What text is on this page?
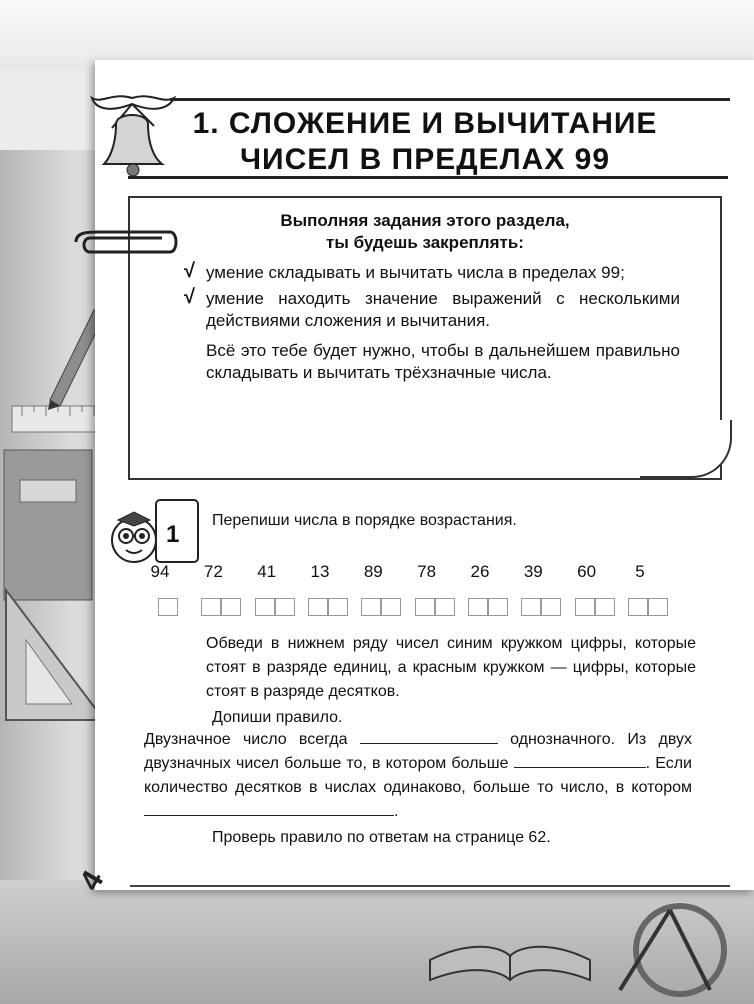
1. СЛОЖЕНИЕ И ВЫЧИТАНИЕ
ЧИСЕЛ В ПРЕДЕЛАХ 99
Выполняя задания этого раздела,
ты будешь закреплять:
√ умение складывать и вычитать числа в пределах 99;
√ умение находить значение выражений с несколькими действиями сложения и вычитания.
Всё это тебе будет нужно, чтобы в дальнейшем правильно складывать и вычитать трёхзначные числа.
1

Перепиши числа в порядке возрастания.

94	72	41	13	89	78	26	39	60	5

Обведи в нижнем ряду чисел синим кружком цифры, которые стоят в разряде единиц, а красным кружком — цифры, которые стоят в разряде десятков.

Допиши правило.

Двузначное число всегда	однозначного. Из двух двузначных чисел больше то, в котором больше	. Если количество десятков в числах одинаково, больше то число, в котором .

Проверь правило по ответам на странице 62.

4
